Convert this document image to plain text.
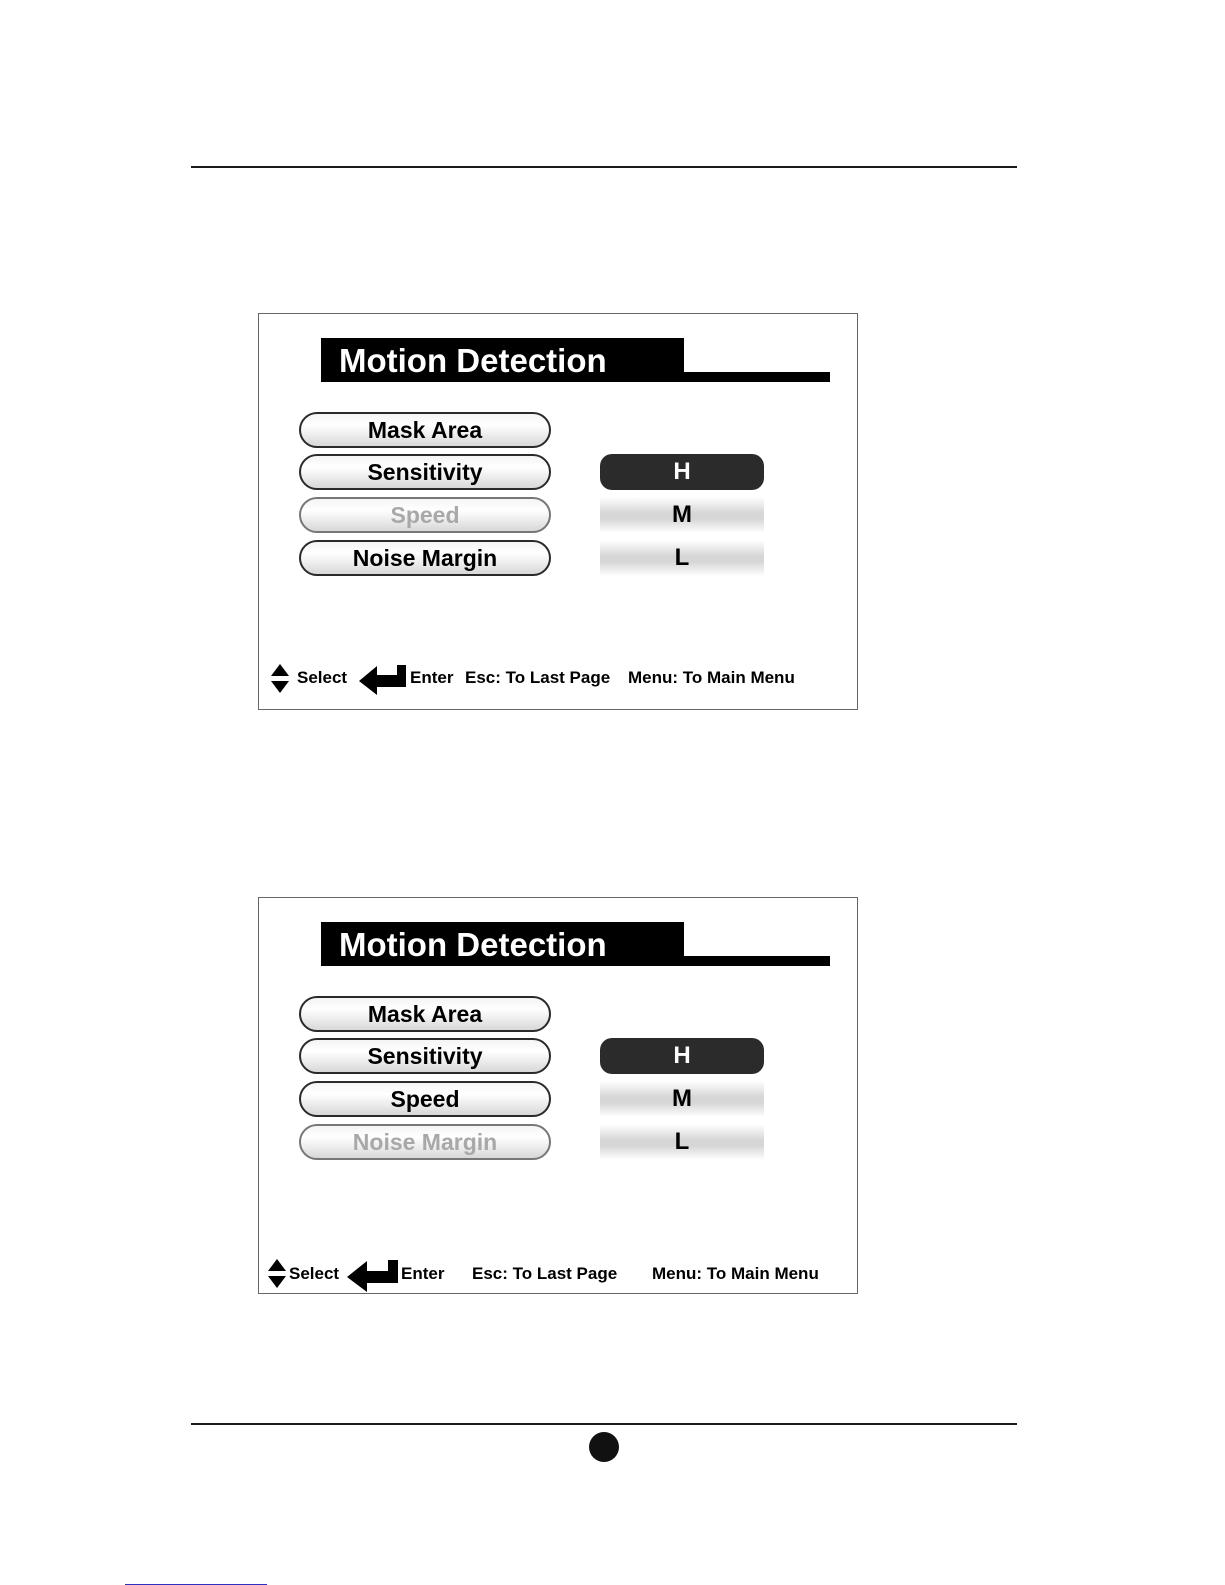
Motion Detection
Mask Area
Sensitivity
Speed
Noise Margin
H
M
L
Select	Enter Esc: To Last Page Menu: To Main Menu
Motion Detection
Mask Area
Sensitivity
Speed
Noise Margin
H
M
L
Select	Enter Esc: To Last Page Menu: To Main Menu
